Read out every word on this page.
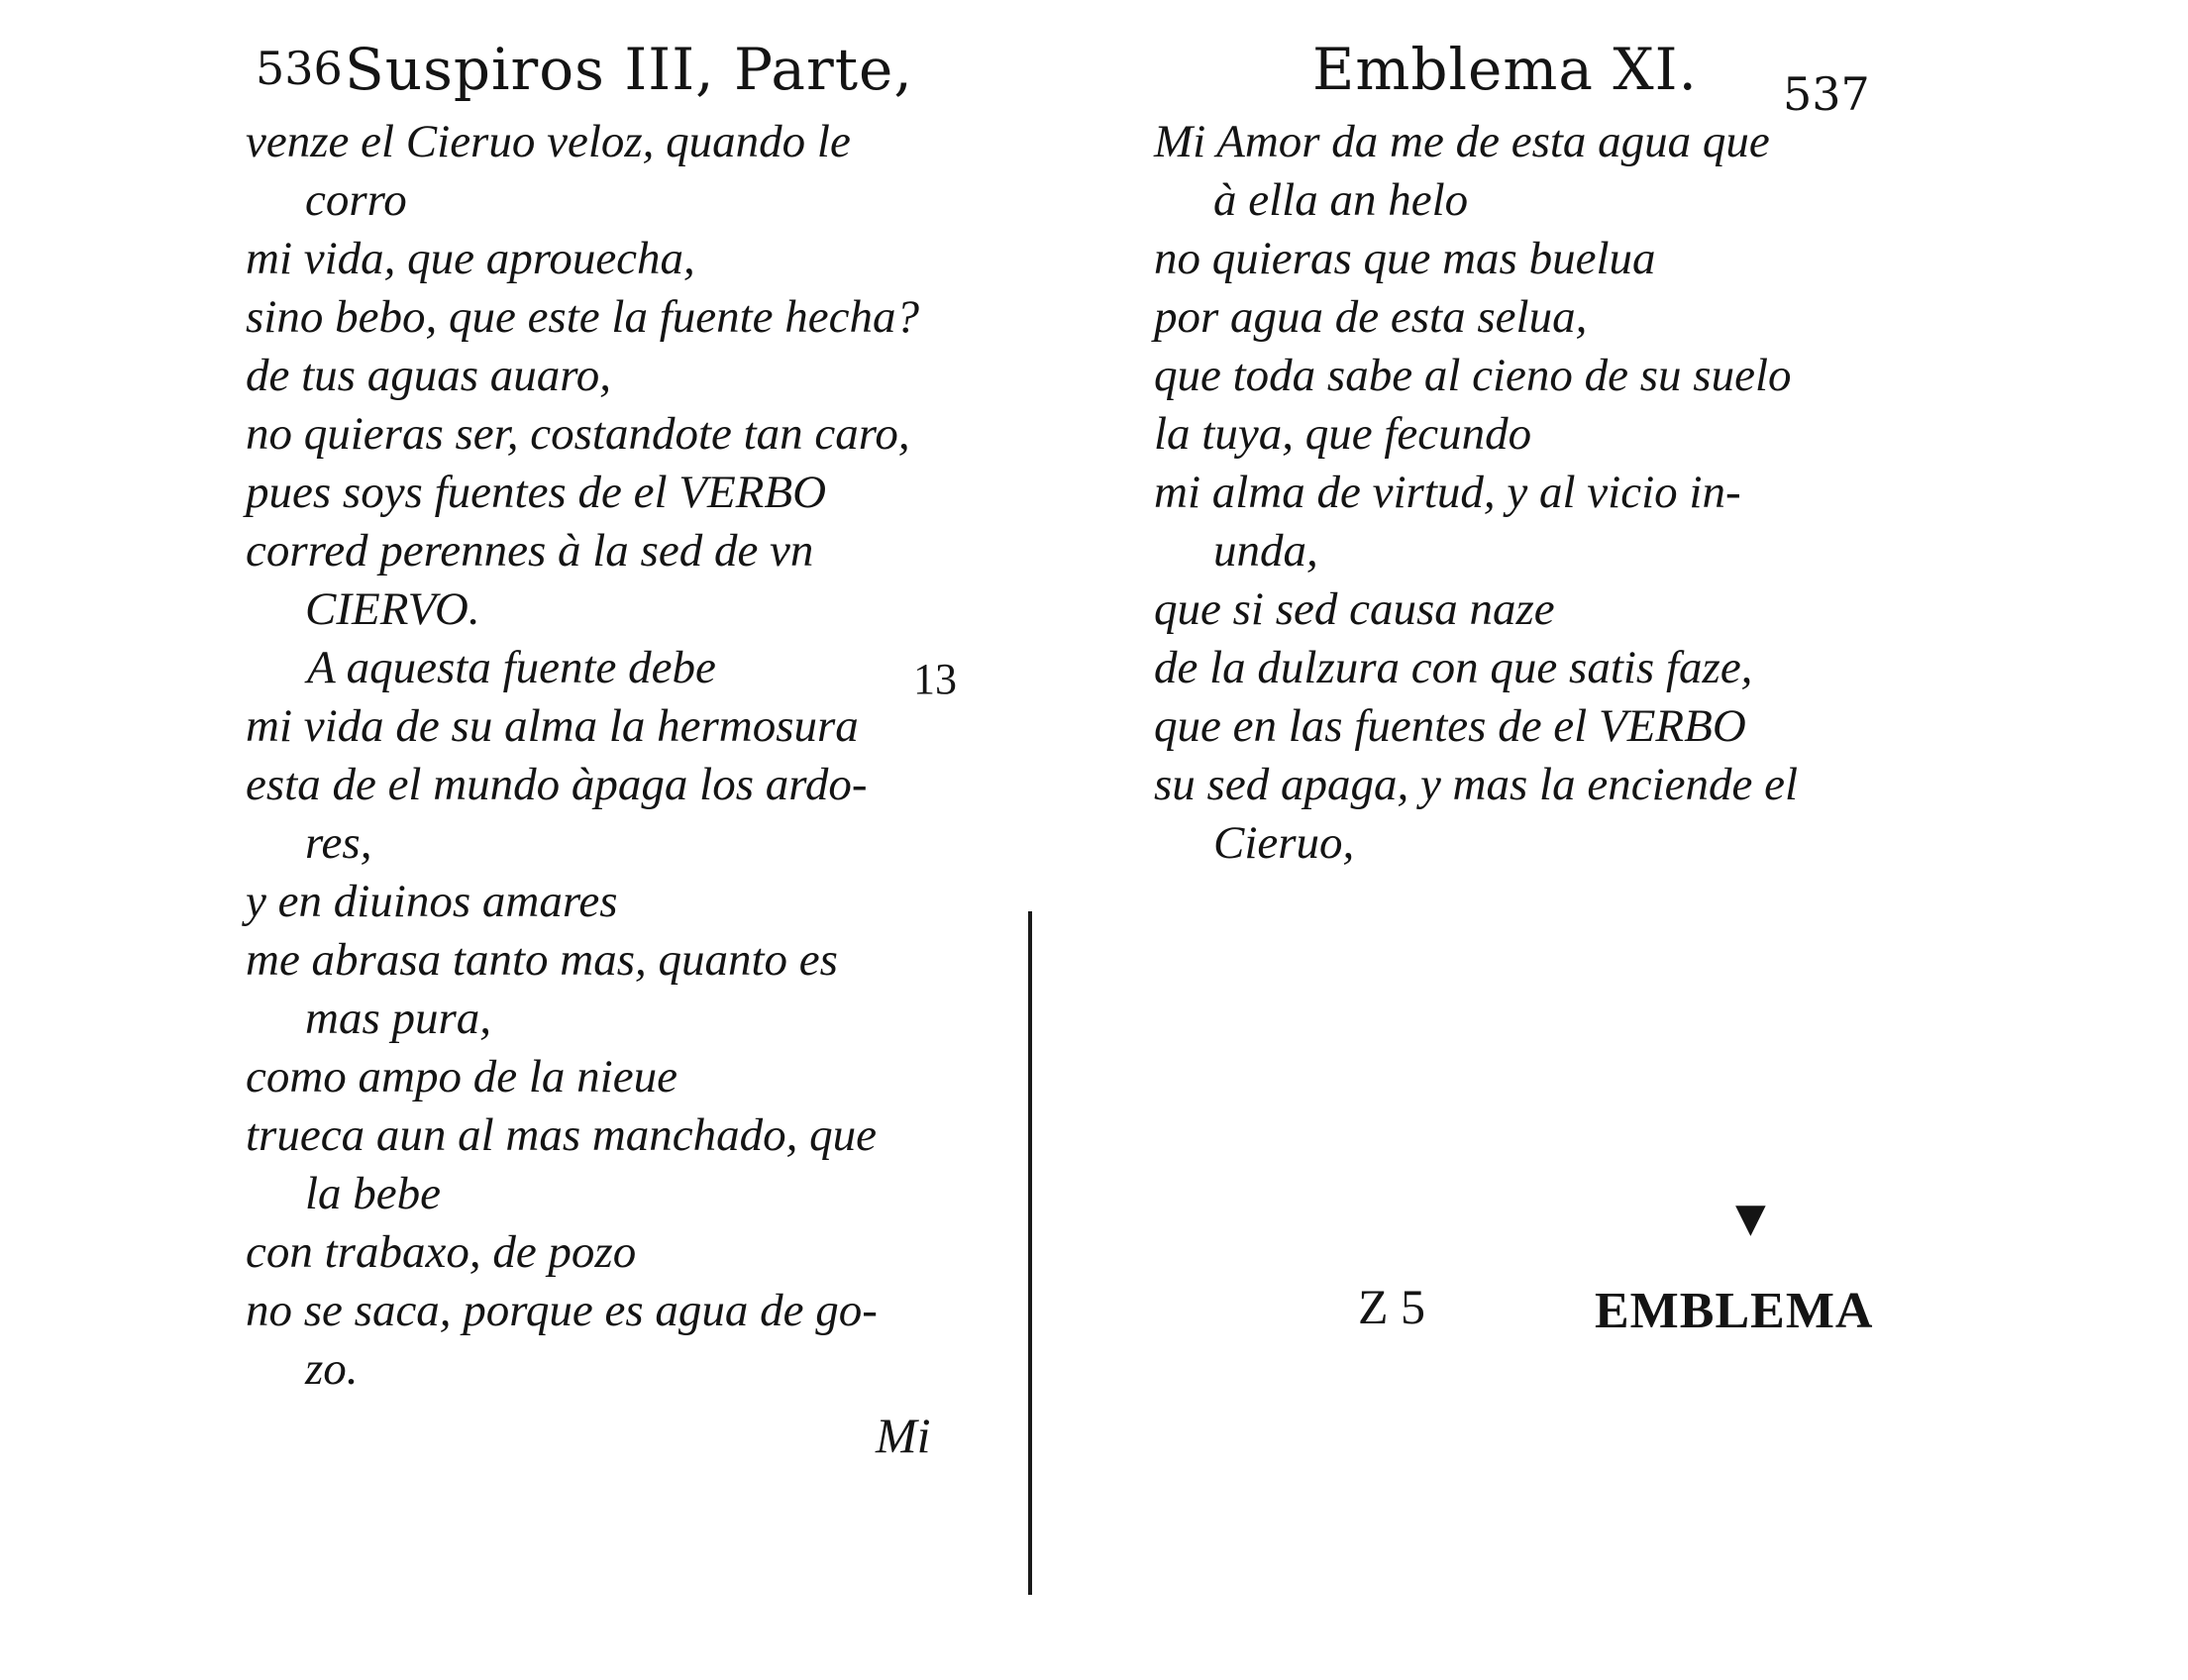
536 Suspiros III, Parte,
venze el Cieruo veloz, quando le
corro
mi vida, que aprouecha,
sino bebo, que este la fuente hecha?
de tus aguas auaro,
no quieras ser, costandote tan caro,
pues soys fuentes de el VERBO
corred perennes à la sed de vn
CIERVO.
A aquesta fuente debe
mi vida de su alma la hermosura
esta de el mundo àpaga los ardo-
res,
y en diuinos amares
me abrasa tanto mas, quanto es
mas pura,
como ampo de la nieue
trueca aun al mas manchado, que
la bebe
con trabaxo, de pozo
no se saca, porque es agua de go-
zo.
13
Mi
Emblema XI. 537
Mi Amor da me de esta agua que
à ella an helo
no quieras que mas buelua
por agua de esta selua,
que toda sabe al cieno de su suelo
la tuya, que fecundo
mi alma de virtud, y al vicio in-
unda,
que si sed causa naze
de la dulzura con que satis faze,
que en las fuentes de el VERBO
su sed apaga, y mas la enciende el
Cieruo,
▼
Z 5	EMBLEMA
